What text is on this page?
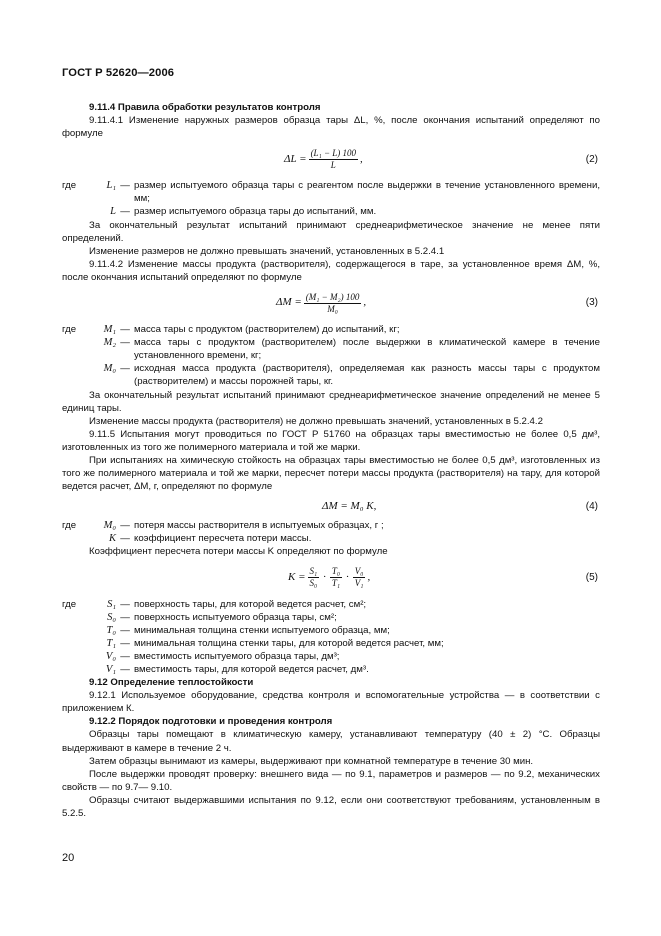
ГОСТ Р 52620—2006

9.11.4 Правила обработки результатов контроля

9.11.4.1 Изменение наружных размеров образца тары ΔL, %, после окончания испытаний определяют по формуле

$\Delta L = \frac{\text{(L₁ − L) 100}}{L}$ ,	(2)
где	L₁ — размер испытуемого образца тары с реагентом после выдержки в течение установленного времени, мм;
L — размер испытуемого образца тары до испытаний, мм.

За окончательный результат испытаний принимают среднеарифметическое значение не менее пяти определений.

Изменение размеров не должно превышать значений, установленных в 5.2.4.1

9.11.4.2 Изменение массы продукта (растворителя), содержащегося в таре, за установленное время ΔM, %, после окончания испытаний определяют по формуле

$\Delta M = \frac{\text{(M₁ − M₂) 100}}{\text{M₀}}$ ,	(3)
где	M₁ — масса тары с продуктом (растворителем) до испытаний, кг;
M₂ — масса тары с продуктом (растворителем) после выдержки в климатической камере в течение установленного времени, кг;
M₀ — исходная масса продукта (растворителя), определяемая как разность массы тары с продуктом (растворителем) и массы порожней тары, кг.

За окончательный результат испытаний принимают среднеарифметическое значение определений не менее 5 единиц тары.

Изменение массы продукта (растворителя) не должно превышать значений, установленных в 5.2.4.2

9.11.5 Испытания могут проводиться по ГОСТ Р 51760 на образцах тары вместимостью не более 0,5 дм³, изготовленных из того же полимерного материала и той же марки.

При испытаниях на химическую стойкость на образцах тары вместимостью не более 0,5 дм³, изготовленных из того же полимерного материала и той же марки, пересчет потери массы продукта (растворителя) на тару, для которой ведется расчет, ΔM, г, определяют по формуле

ΔM = M₀ K,	(4)
где	M₀ — потеря массы растворителя в испытуемых образцах, г ;
K — коэффициент пересчета потери массы.

Коэффициент пересчета потери массы K определяют по формуле

$K = \frac{\text{S₁}}{\text{S₀}} \cdot \frac{\text{T₀}}{\text{T₁}} \cdot \frac{\text{V₀}}{\text{V₁}}$ ,	(5)
где	S₁ — поверхность тары, для которой ведется расчет, см²;
S₀ — поверхность испытуемого образца тары, см²;
T₀ — минимальная толщина стенки испытуемого образца, мм;
T₁ — минимальная толщина стенки тары, для которой ведется расчет, мм;
V₀ — вместимость испытуемого образца тары, дм³;
V₁ — вместимость тары, для которой ведется расчет, дм³.

9.12 Определение теплостойкости

9.12.1 Используемое оборудование, средства контроля и вспомогательные устройства — в соответствии с приложением К.

9.12.2 Порядок подготовки и проведения контроля

Образцы тары помещают в климатическую камеру, устанавливают температуру (40 ± 2) °С. Образцы выдерживают в камере в течение 2 ч.

Затем образцы вынимают из камеры, выдерживают при комнатной температуре в течение 30 мин.

После выдержки проводят проверку: внешнего вида — по 9.1, параметров и размеров — по 9.2, механических свойств — по 9.7— 9.10.

Образцы считают выдержавшими испытания по 9.12, если они соответствуют требованиям, установленным в 5.2.5.

20
